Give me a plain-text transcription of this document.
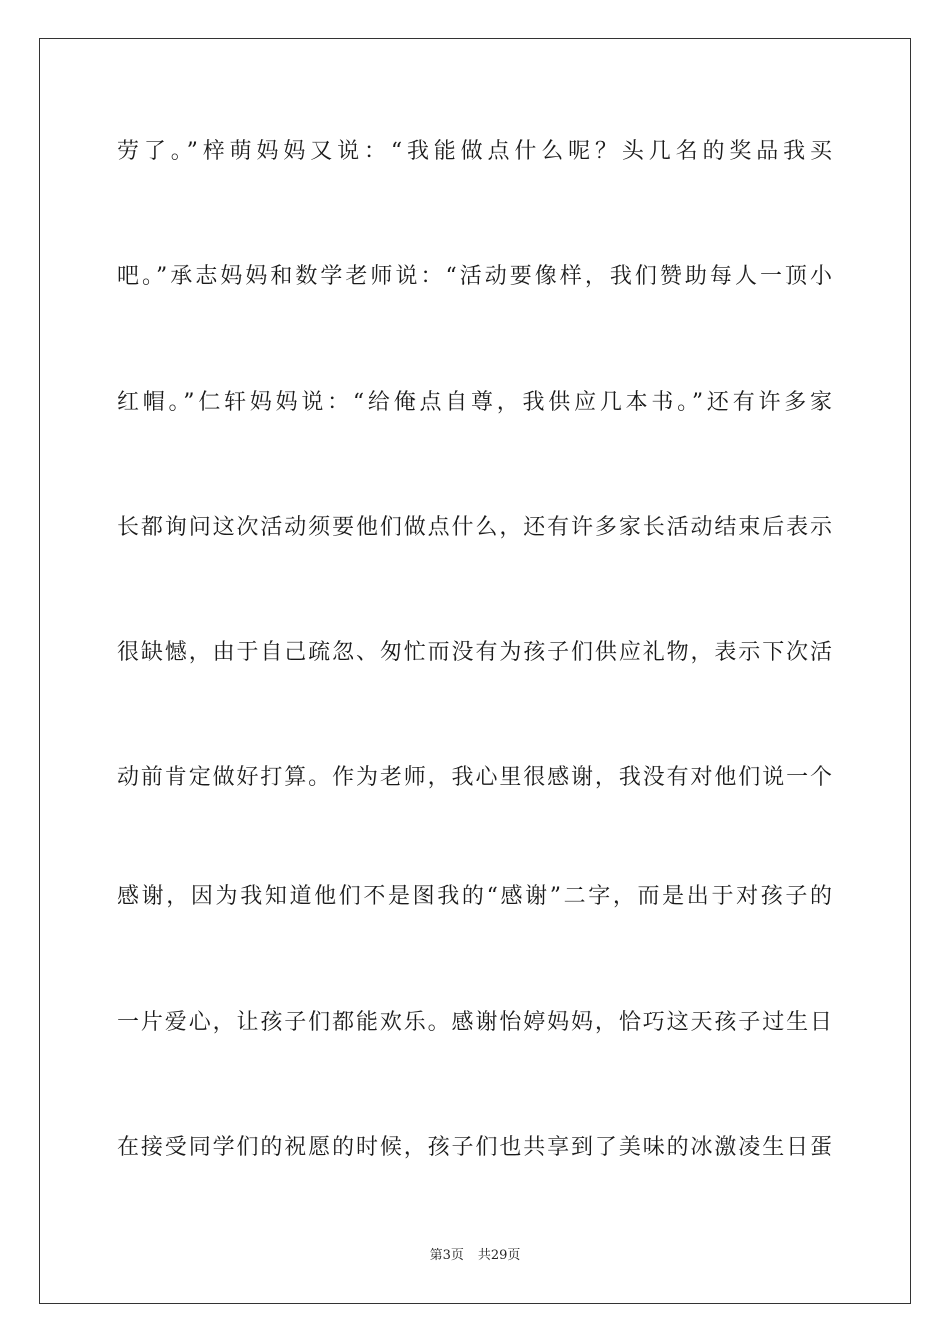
劳了。”梓萌妈妈又说：“我能做点什么呢？头几名的奖品我买
吧。”承志妈妈和数学老师说：“活动要像样，我们赞助每人一顶小
红帽。”仁轩妈妈说：“给俺点自尊，我供应几本书。”还有许多家
长都询问这次活动须要他们做点什么，还有许多家长活动结束后表示
很缺憾，由于自己疏忽、匆忙而没有为孩子们供应礼物，表示下次活
动前肯定做好打算。作为老师，我心里很感谢，我没有对他们说一个
感谢，因为我知道他们不是图我的“感谢”二字，而是出于对孩子的
一片爱心，让孩子们都能欢乐。感谢怡婷妈妈，恰巧这天孩子过生日
在接受同学们的祝愿的时候，孩子们也共享到了美味的冰激凌生日蛋
第3页 共29页
